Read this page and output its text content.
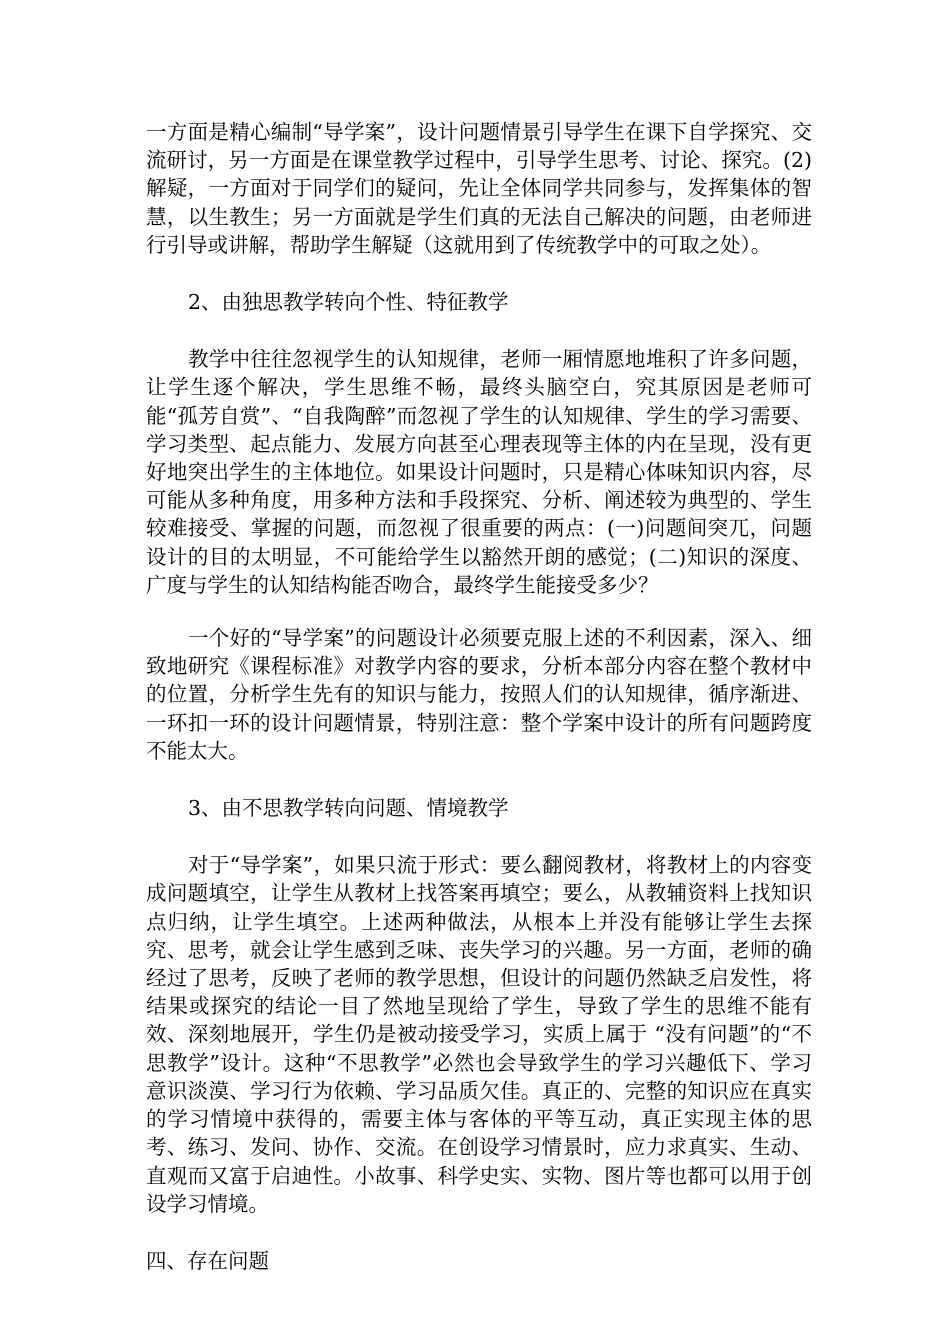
一方面是精心编制“导学案”，设计问题情景引导学生在课下自学探究、交流研讨，另一方面是在课堂教学过程中，引导学生思考、讨论、探究。(2)解疑，一方面对于同学们的疑问，先让全体同学共同参与，发挥集体的智慧，以生教生；另一方面就是学生们真的无法自己解决的问题，由老师进行引导或讲解，帮助学生解疑（这就用到了传统教学中的可取之处）。

2、由独思教学转向个性、特征教学

教学中往往忽视学生的认知规律，老师一厢情愿地堆积了许多问题，让学生逐个解决，学生思维不畅，最终头脑空白，究其原因是老师可能“孤芳自赏”、“自我陶醉”而忽视了学生的认知规律、学生的学习需要、学习类型、起点能力、发展方向甚至心理表现等主体的内在呈现，没有更好地突出学生的主体地位。如果设计问题时，只是精心体味知识内容，尽可能从多种角度，用多种方法和手段探究、分析、阐述较为典型的、学生较难接受、掌握的问题，而忽视了很重要的两点：(一)问题间突兀，问题设计的目的太明显，不可能给学生以豁然开朗的感觉；(二)知识的深度、广度与学生的认知结构能否吻合，最终学生能接受多少？

一个好的“导学案”的问题设计必须要克服上述的不利因素，深入、细致地研究《课程标准》对教学内容的要求，分析本部分内容在整个教材中的位置，分析学生先有的知识与能力，按照人们的认知规律，循序渐进、一环扣一环的设计问题情景，特别注意：整个学案中设计的所有问题跨度不能太大。

3、由不思教学转向问题、情境教学

对于“导学案”，如果只流于形式：要么翻阅教材，将教材上的内容变成问题填空，让学生从教材上找答案再填空；要么，从教辅资料上找知识点归纳，让学生填空。上述两种做法，从根本上并没有能够让学生去探究、思考，就会让学生感到乏味、丧失学习的兴趣。另一方面，老师的确经过了思考，反映了老师的教学思想，但设计的问题仍然缺乏启发性，将结果或探究的结论一目了然地呈现给了学生，导致了学生的思维不能有效、深刻地展开，学生仍是被动接受学习，实质上属于 “没有问题”的“不思教学”设计。这种“不思教学”必然也会导致学生的学习兴趣低下、学习意识淡漠、学习行为依赖、学习品质欠佳。真正的、完整的知识应在真实的学习情境中获得的，需要主体与客体的平等互动，真正实现主体的思考、练习、发问、协作、交流。在创设学习情景时，应力求真实、生动、直观而又富于启迪性。小故事、科学史实、实物、图片等也都可以用于创设学习情境。

四、存在问题
